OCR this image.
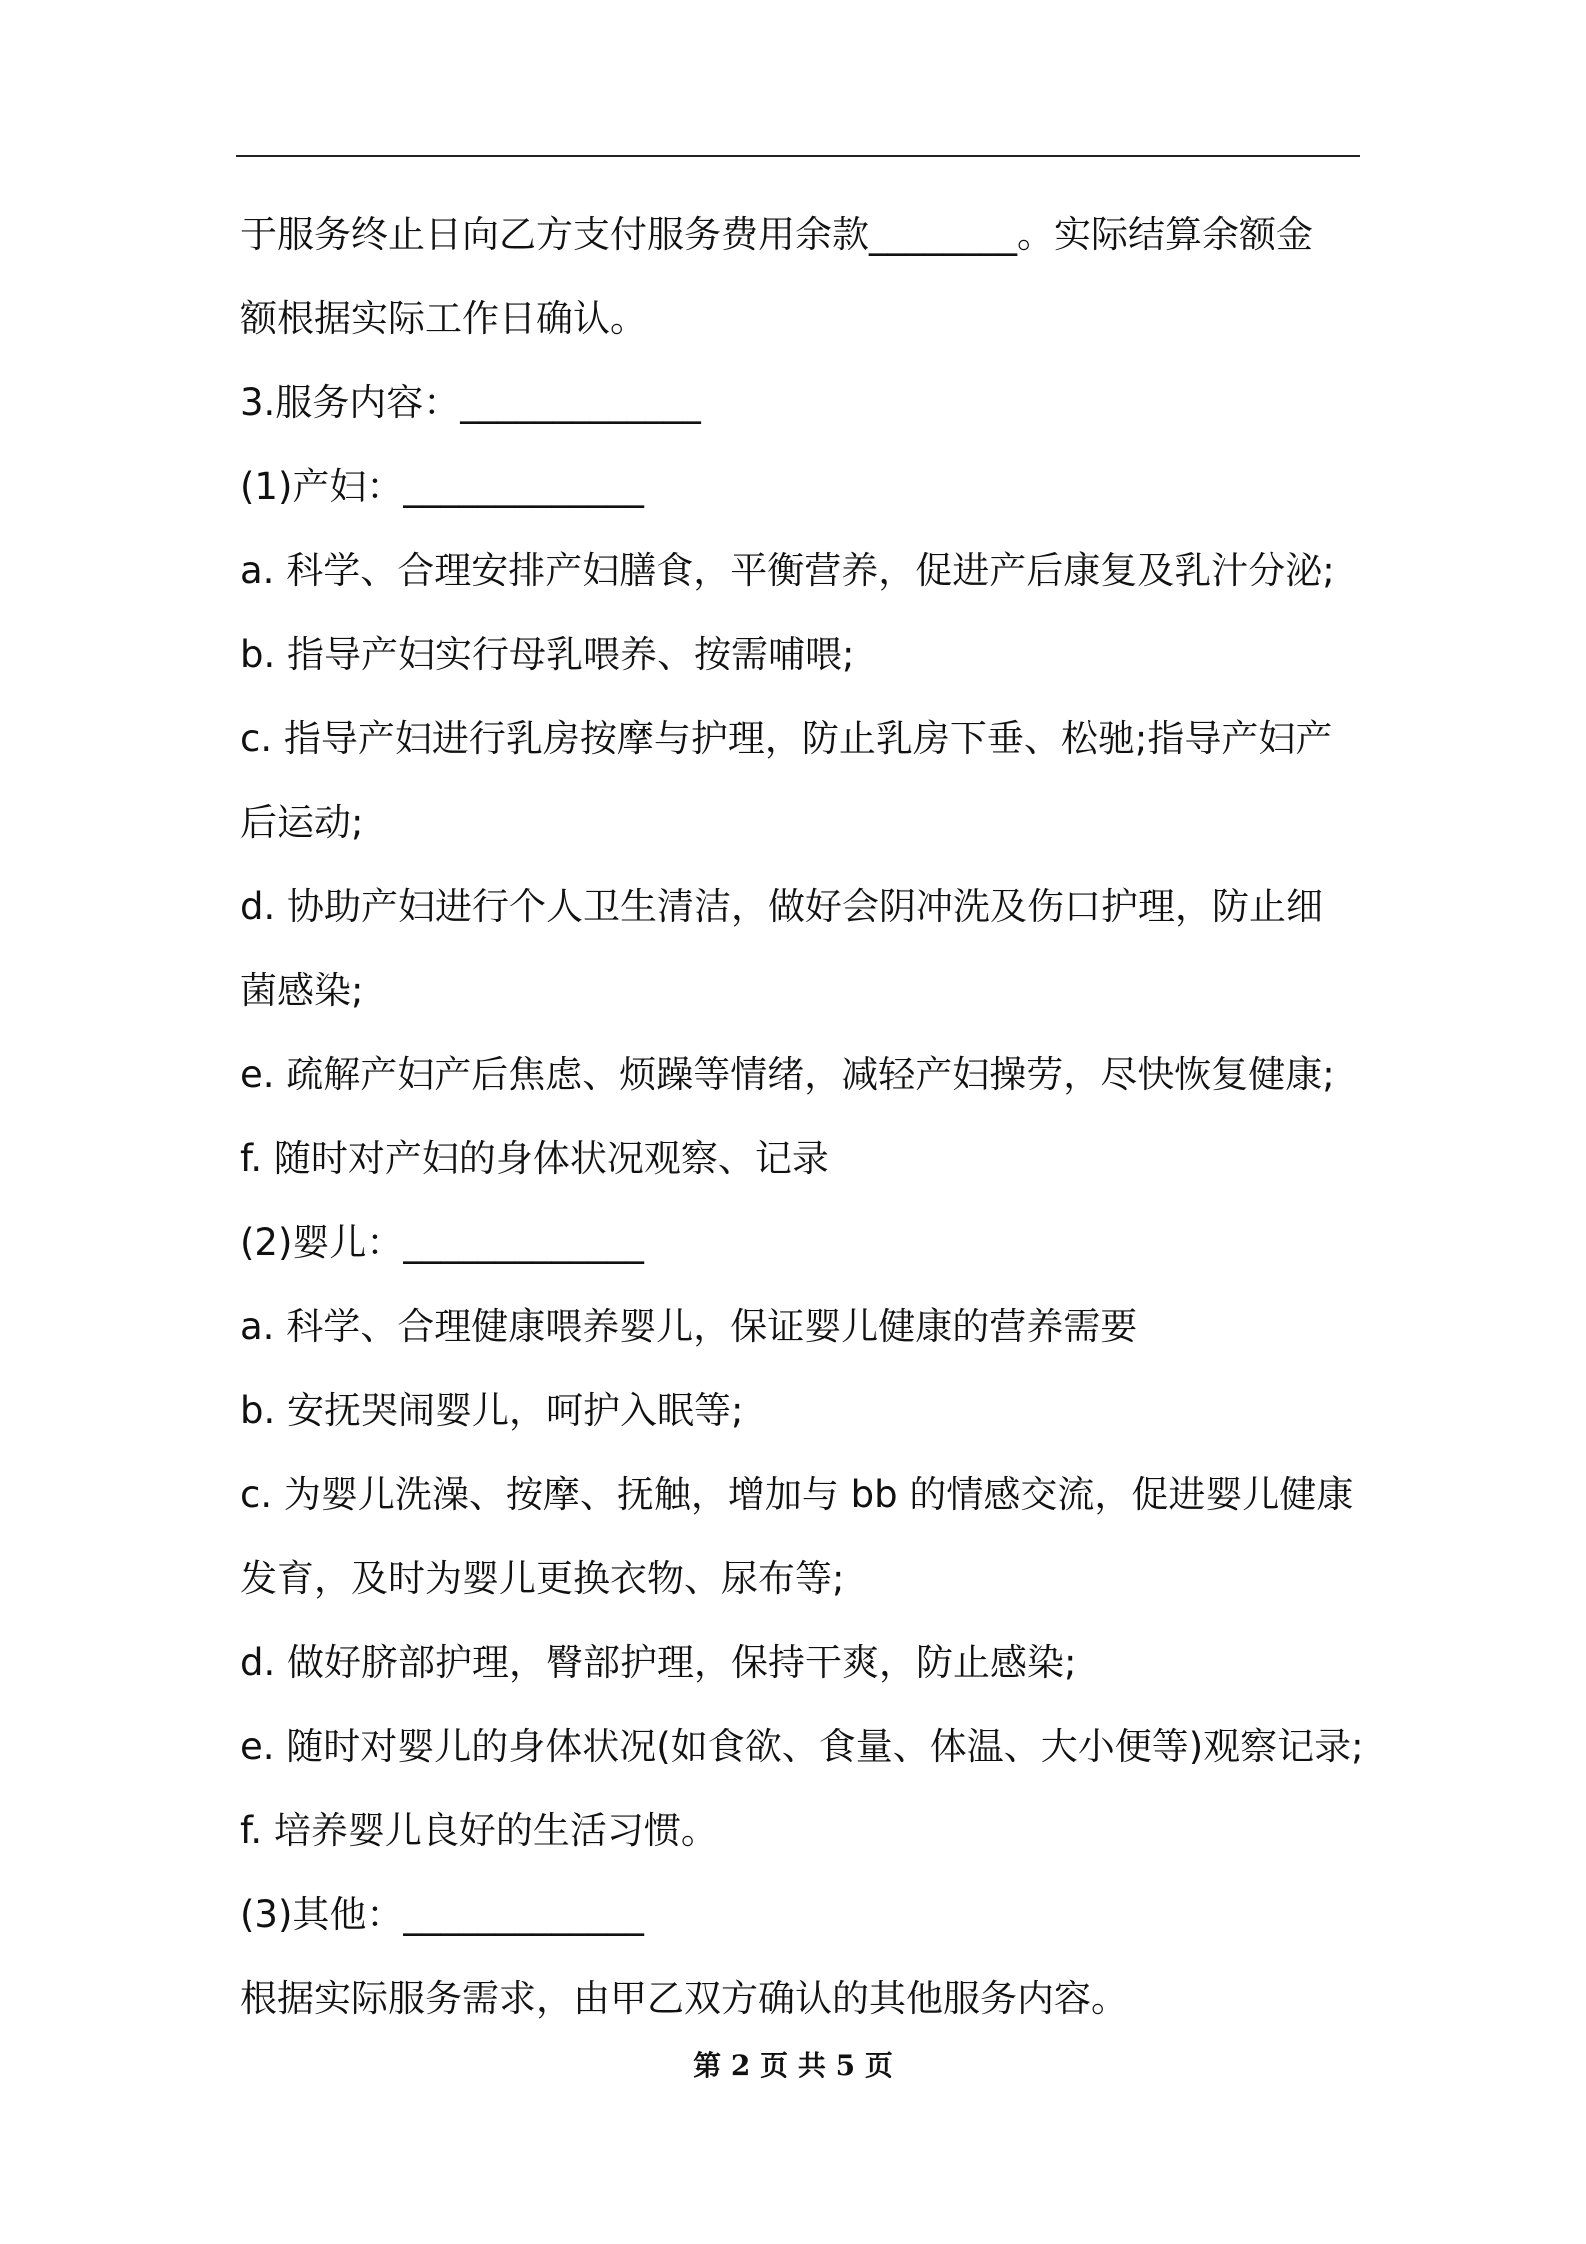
于服务终止日向乙方支付服务费用余款________。实际结算余额金
额根据实际工作日确认。
3.服务内容：_____________
(1)产妇：_____________
a. 科学、合理安排产妇膳食，平衡营养，促进产后康复及乳汁分泌;
b. 指导产妇实行母乳喂养、按需哺喂;
c. 指导产妇进行乳房按摩与护理，防止乳房下垂、松驰;指导产妇产
后运动;
d. 协助产妇进行个人卫生清洁，做好会阴冲洗及伤口护理，防止细
菌感染;
e. 疏解产妇产后焦虑、烦躁等情绪，减轻产妇操劳，尽快恢复健康;
f. 随时对产妇的身体状况观察、记录
(2)婴儿：_____________
a. 科学、合理健康喂养婴儿，保证婴儿健康的营养需要
b. 安抚哭闹婴儿，呵护入眠等;
c. 为婴儿洗澡、按摩、抚触，增加与 bb 的情感交流，促进婴儿健康
发育，及时为婴儿更换衣物、尿布等;
d. 做好脐部护理，臀部护理，保持干爽，防止感染;
e. 随时对婴儿的身体状况(如食欲、食量、体温、大小便等)观察记录;
f. 培养婴儿良好的生活习惯。
(3)其他：_____________
根据实际服务需求，由甲乙双方确认的其他服务内容。
第 2 页 共 5 页
